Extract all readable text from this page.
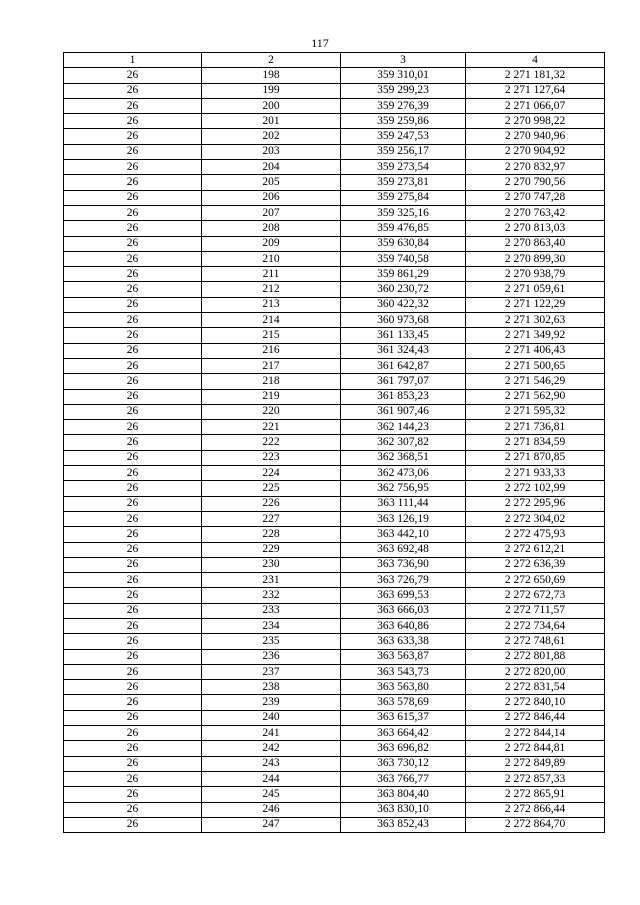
117
1	2	3	4
26	198	359 310,01	2 271 181,32
26	199	359 299,23	2 271 127,64
26	200	359 276,39	2 271 066,07
26	201	359 259,86	2 270 998,22
26	202	359 247,53	2 270 940,96
26	203	359 256,17	2 270 904,92
26	204	359 273,54	2 270 832,97
26	205	359 273,81	2 270 790,56
26	206	359 275,84	2 270 747,28
26	207	359 325,16	2 270 763,42
26	208	359 476,85	2 270 813,03
26	209	359 630,84	2 270 863,40
26	210	359 740,58	2 270 899,30
26	211	359 861,29	2 270 938,79
26	212	360 230,72	2 271 059,61
26	213	360 422,32	2 271 122,29
26	214	360 973,68	2 271 302,63
26	215	361 133,45	2 271 349,92
26	216	361 324,43	2 271 406,43
26	217	361 642,87	2 271 500,65
26	218	361 797,07	2 271 546,29
26	219	361 853,23	2 271 562,90
26	220	361 907,46	2 271 595,32
26	221	362 144,23	2 271 736,81
26	222	362 307,82	2 271 834,59
26	223	362 368,51	2 271 870,85
26	224	362 473,06	2 271 933,33
26	225	362 756,95	2 272 102,99
26	226	363 111,44	2 272 295,96
26	227	363 126,19	2 272 304,02
26	228	363 442,10	2 272 475,93
26	229	363 692,48	2 272 612,21
26	230	363 736,90	2 272 636,39
26	231	363 726,79	2 272 650,69
26	232	363 699,53	2 272 672,73
26	233	363 666,03	2 272 711,57
26	234	363 640,86	2 272 734,64
26	235	363 633,38	2 272 748,61
26	236	363 563,87	2 272 801,88
26	237	363 543,73	2 272 820,00
26	238	363 563,80	2 272 831,54
26	239	363 578,69	2 272 840,10
26	240	363 615,37	2 272 846,44
26	241	363 664,42	2 272 844,14
26	242	363 696,82	2 272 844,81
26	243	363 730,12	2 272 849,89
26	244	363 766,77	2 272 857,33
26	245	363 804,40	2 272 865,91
26	246	363 830,10	2 272 866,44
26	247	363 852,43	2 272 864,70
